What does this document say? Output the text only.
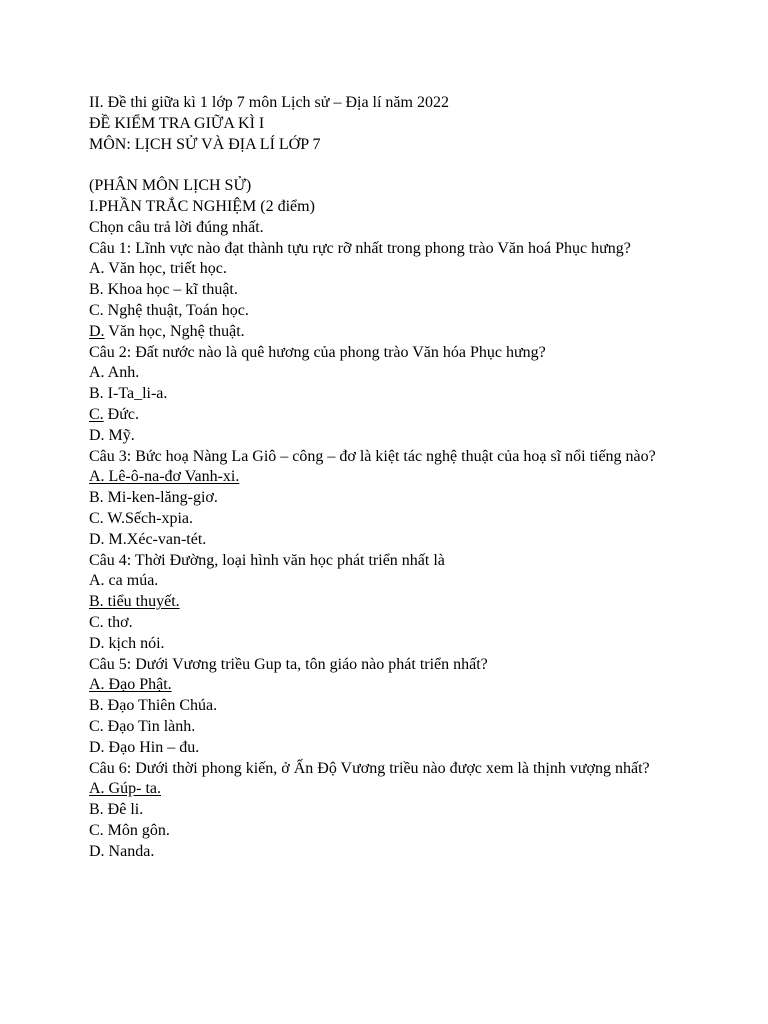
II. Đề thi giữa kì 1 lớp 7 môn Lịch sử – Địa lí năm 2022
ĐỀ KIỂM TRA GIỮA KÌ I
MÔN: LỊCH SỬ VÀ ĐỊA LÍ LỚP 7
(PHÂN MÔN LỊCH SỬ)
I.PHẦN TRẮC NGHIỆM (2 điểm)
Chọn câu trả lời đúng nhất.
Câu 1: Lĩnh vực nào đạt thành tựu rực rỡ nhất trong phong trào Văn hoá Phục hưng?
A. Văn học, triết học.
B. Khoa học – kĩ thuật.
C. Nghệ thuật, Toán học.
D. Văn học, Nghệ thuật.
Câu 2: Đất nước nào là quê hương của phong trào Văn hóa Phục hưng?
A. Anh.
B. I-Ta_li-a.
C. Đức.
D. Mỹ.
Câu 3: Bức hoạ Nàng La Giô – công – đơ là kiệt tác nghệ thuật của hoạ sĩ nổi tiếng nào?
A. Lê-ô-na-đơ Vanh-xi.
B. Mi-ken-lăng-giơ.
C. W.Sếch-xpia.
D. M.Xéc-van-tét.
Câu 4: Thời Đường, loại hình văn học phát triển nhất là
A. ca múa.
B. tiểu thuyết.
C. thơ.
D. kịch nói.
Câu 5: Dưới Vương triều Gup ta, tôn giáo nào phát triển nhất?
A. Đạo Phật.
B. Đạo Thiên Chúa.
C. Đạo Tin lành.
D. Đạo Hin – đu.
Câu 6: Dưới thời phong kiến, ở Ấn Độ Vương triều nào được xem là thịnh vượng nhất?
A. Gúp- ta.
B. Đê li.
C. Môn gôn.
D. Nanda.
